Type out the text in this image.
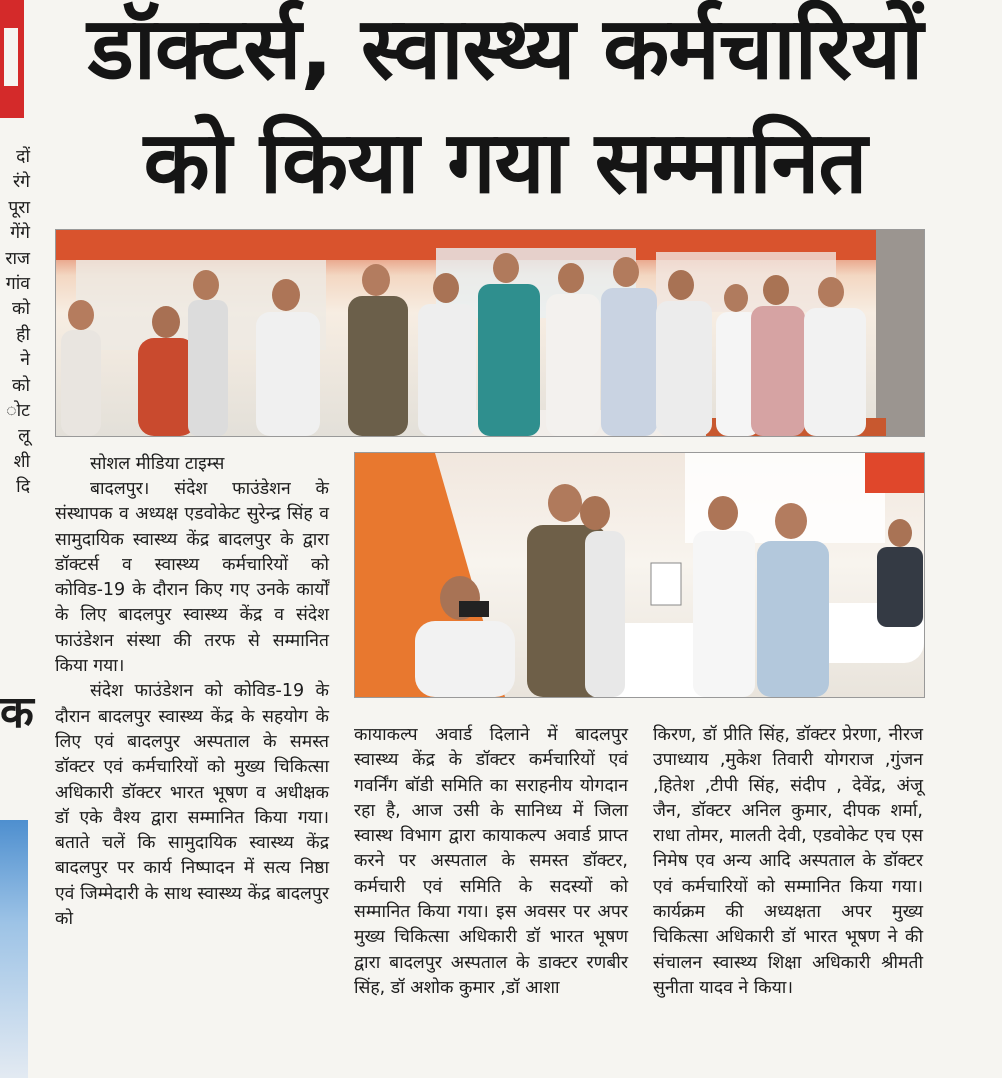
दों
रंगे
पूरा
गेंगे
राज
गांव
को
ही
ने
को
ोट
लू
शी
दि
क
डॉक्टर्स, स्वास्थ्य कर्मचारियों
को किया गया सम्मानित
सोशल मीडिया टाइम्स

बादलपुर। संदेश फाउंडेशन के संस्थापक व अध्यक्ष एडवोकेट सुरेन्द्र सिंह व सामुदायिक स्वास्थ्य केंद्र बादलपुर के द्वारा डॉक्टर्स व स्वास्थ्य कर्मचारियों को कोविड-19 के दौरान किए गए उनके कार्यों के लिए बादलपुर स्वास्थ्य केंद्र व संदेश फाउंडेशन संस्था की तरफ से सम्मानित किया गया।

संदेश फाउंडेशन को कोविड-19 के दौरान बादलपुर स्वास्थ्य केंद्र के सहयोग के लिए एवं बादलपुर अस्पताल के समस्त डॉक्टर एवं कर्मचारियों को मुख्य चिकित्सा अधिकारी डॉक्टर भारत भूषण व अधीक्षक डॉ एके वैश्य द्वारा सम्मानित किया गया। बताते चलें कि सामुदायिक स्वास्थ्य केंद्र बादलपुर पर कार्य निष्पादन में सत्य निष्ठा एवं जिम्मेदारी के साथ स्वास्थ्य केंद्र बादलपुर को

कायाकल्प अवार्ड दिलाने में बादलपुर स्वास्थ्य केंद्र के डॉक्टर कर्मचारियों एवं गवर्निंग बॉडी समिति का सराहनीय योगदान रहा है, आज उसी के सानिध्य में जिला स्वास्थ विभाग द्वारा कायाकल्प अवार्ड प्राप्त करने पर अस्पताल के समस्त डॉक्टर, कर्मचारी एवं समिति के सदस्यों को सम्मानित किया गया। इस अवसर पर अपर मुख्य चिकित्सा अधिकारी डॉ भारत भूषण द्वारा बादलपुर अस्पताल के डाक्टर रणबीर सिंह, डॉ अशोक कुमार ,डॉ आशा

किरण, डॉ प्रीति सिंह, डॉक्टर प्रेरणा, नीरज उपाध्याय ,मुकेश तिवारी योगराज ,गुंजन ,हितेश ,टीपी सिंह, संदीप , देवेंद्र, अंजू जैन, डॉक्टर अनिल कुमार, दीपक शर्मा, राधा तोमर, मालती देवी, एडवोकेट एच एस निमेष एव अन्य आदि अस्पताल के डॉक्टर एवं कर्मचारियों को सम्मानित किया गया। कार्यक्रम की अध्यक्षता अपर मुख्य चिकित्सा अधिकारी डॉ भारत भूषण ने की संचालन स्वास्थ्य शिक्षा अधिकारी श्रीमती सुनीता यादव ने किया।
